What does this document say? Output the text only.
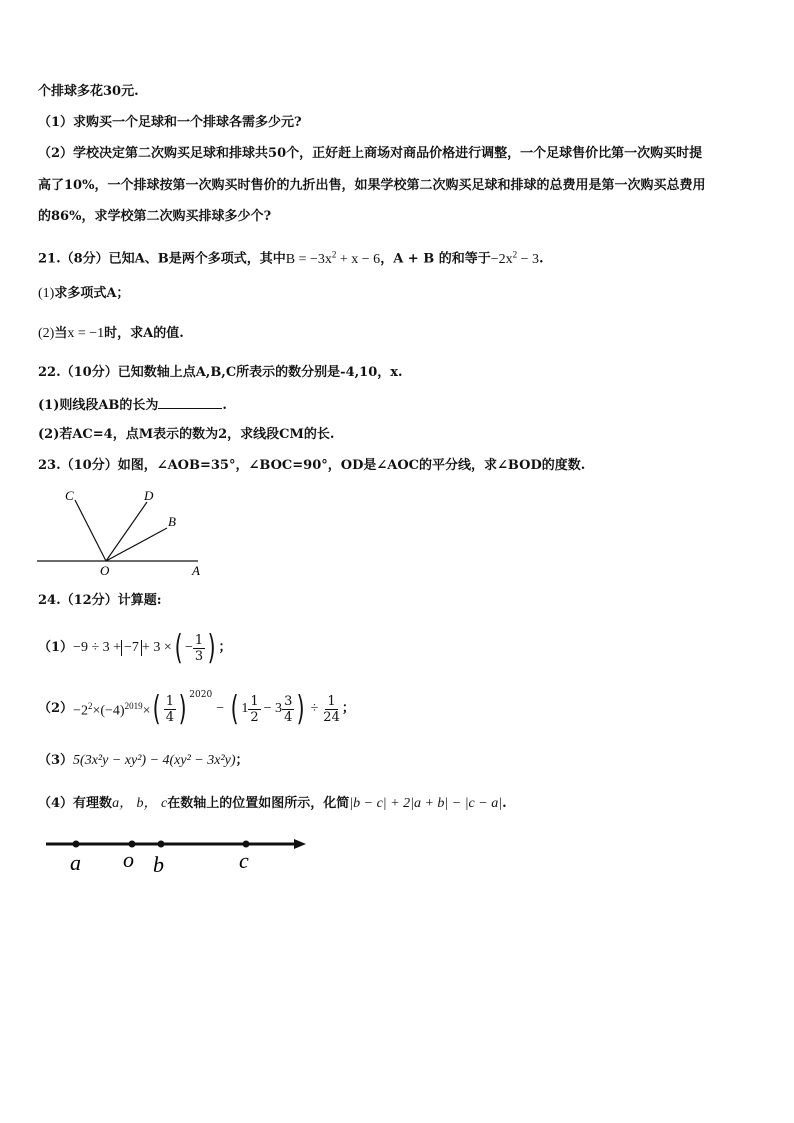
个排球多花30元.
（1）求购买一个足球和一个排球各需多少元?
（2）学校决定第二次购买足球和排球共50个，正好赶上商场对商品价格进行调整，一个足球售价比第一次购买时提
高了10%，一个排球按第一次购买时售价的九折出售，如果学校第二次购买足球和排球的总费用是第一次购买总费用
的86%，求学校第二次购买排球多少个?
21.（8分）已知A、B是两个多项式，其中$B = -3x^2 + x - 6$，A + B 的和等于$-2x^2 - 3$.
(1)求多项式A；
(2)当x = −1时，求A的值.
22.（10分）已知数轴上点A,B,C所表示的数分别是-4,10，x.
(1)则线段AB的长为	.
(2)若AC=4，点M表示的数为2，求线段CM的长.
23.（10分）如图，∠AOB=35°，∠BOC=90°，OD是∠AOC的平分线，求∠BOD的度数.
C	D
B
O	A
24.（12分）计算题:
（1） −9 ÷ 3 + −7 + 3 × ( − $\frac{1}{3}$ ) ；
$(2) -2^2\times(-4)^{2019}\times$ ( $\frac{1}{4}$ ) $^{2020}$
− ( $1 \frac{1}{2} - 3 \frac{3}{4}$ ) ÷ $\frac{1}{24}$ ；
（3）5(3x²y − xy²) − 4(xy² − 3x²y)；
（4）有理数a， b， c在数轴上的位置如图所示，化简|b − c| + 2|a + b| − |c − a|.
a o b	c
